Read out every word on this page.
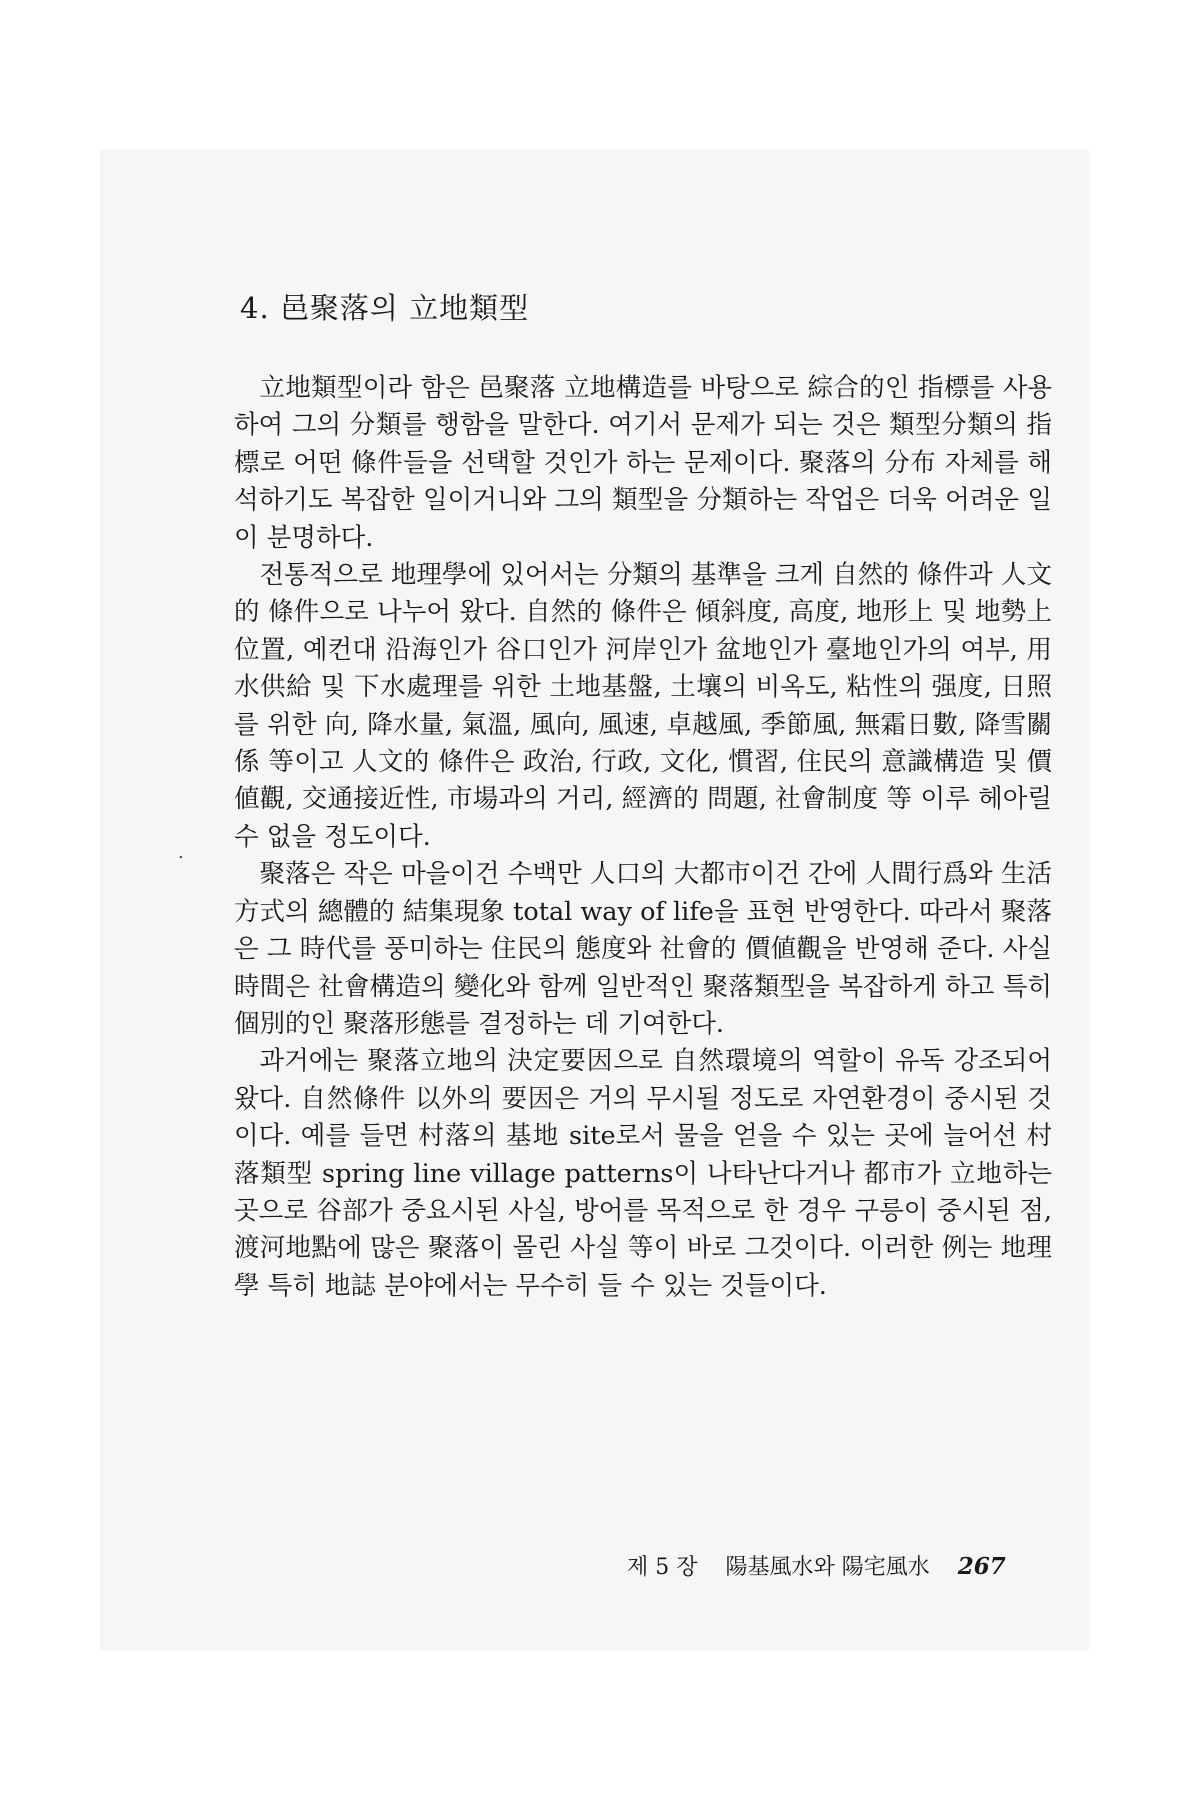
4. 邑聚落의 立地類型

立地類型이라 함은 邑聚落 立地構造를 바탕으로 綜合的인 指標를 사용하여 그의 分類를 행함을 말한다. 여기서 문제가 되는 것은 類型分類의 指標로 어떤 條件들을 선택할 것인가 하는 문제이다. 聚落의 分布 자체를 해석하기도 복잡한 일이거니와 그의 類型을 分類하는 작업은 더욱 어려운 일이 분명하다.

전통적으로 地理學에 있어서는 分類의 基準을 크게 自然的 條件과 人文的 條件으로 나누어 왔다. 自然的 條件은 傾斜度, 高度, 地形上 및 地勢上 位置, 예컨대 沿海인가 谷口인가 河岸인가 盆地인가 臺地인가의 여부, 用水供給 및 下水處理를 위한 土地基盤, 土壤의 비옥도, 粘性의 强度, 日照를 위한 向, 降水量, 氣溫, 風向, 風速, 卓越風, 季節風, 無霜日數, 降雪關係 等이고 人文的 條件은 政治, 行政, 文化, 慣習, 住民의 意識構造 및 價値觀, 交通接近性, 市場과의 거리, 經濟的 問題, 社會制度 等 이루 헤아릴 수 없을 정도이다.

聚落은 작은 마을이건 수백만 人口의 大都市이건 간에 人間行爲와 生活方式의 總體的 結集現象 total way of life을 표현 반영한다. 따라서 聚落은 그 時代를 풍미하는 住民의 態度와 社會的 價値觀을 반영해 준다. 사실 時間은 社會構造의 變化와 함께 일반적인 聚落類型을 복잡하게 하고 특히 個別的인 聚落形態를 결정하는 데 기여한다.

과거에는 聚落立地의 決定要因으로 自然環境의 역할이 유독 강조되어 왔다. 自然條件 以外의 要因은 거의 무시될 정도로 자연환경이 중시된 것이다. 예를 들면 村落의 基地 site로서 물을 얻을 수 있는 곳에 늘어선 村落類型 spring line village patterns이 나타난다거나 都市가 立地하는 곳으로 谷部가 중요시된 사실, 방어를 목적으로 한 경우 구릉이 중시된 점, 渡河地點에 많은 聚落이 몰린 사실 等이 바로 그것이다. 이러한 例는 地理學 특히 地誌 분야에서는 무수히 들 수 있는 것들이다.

.
제 5 장 陽基風水와 陽宅風水 267
